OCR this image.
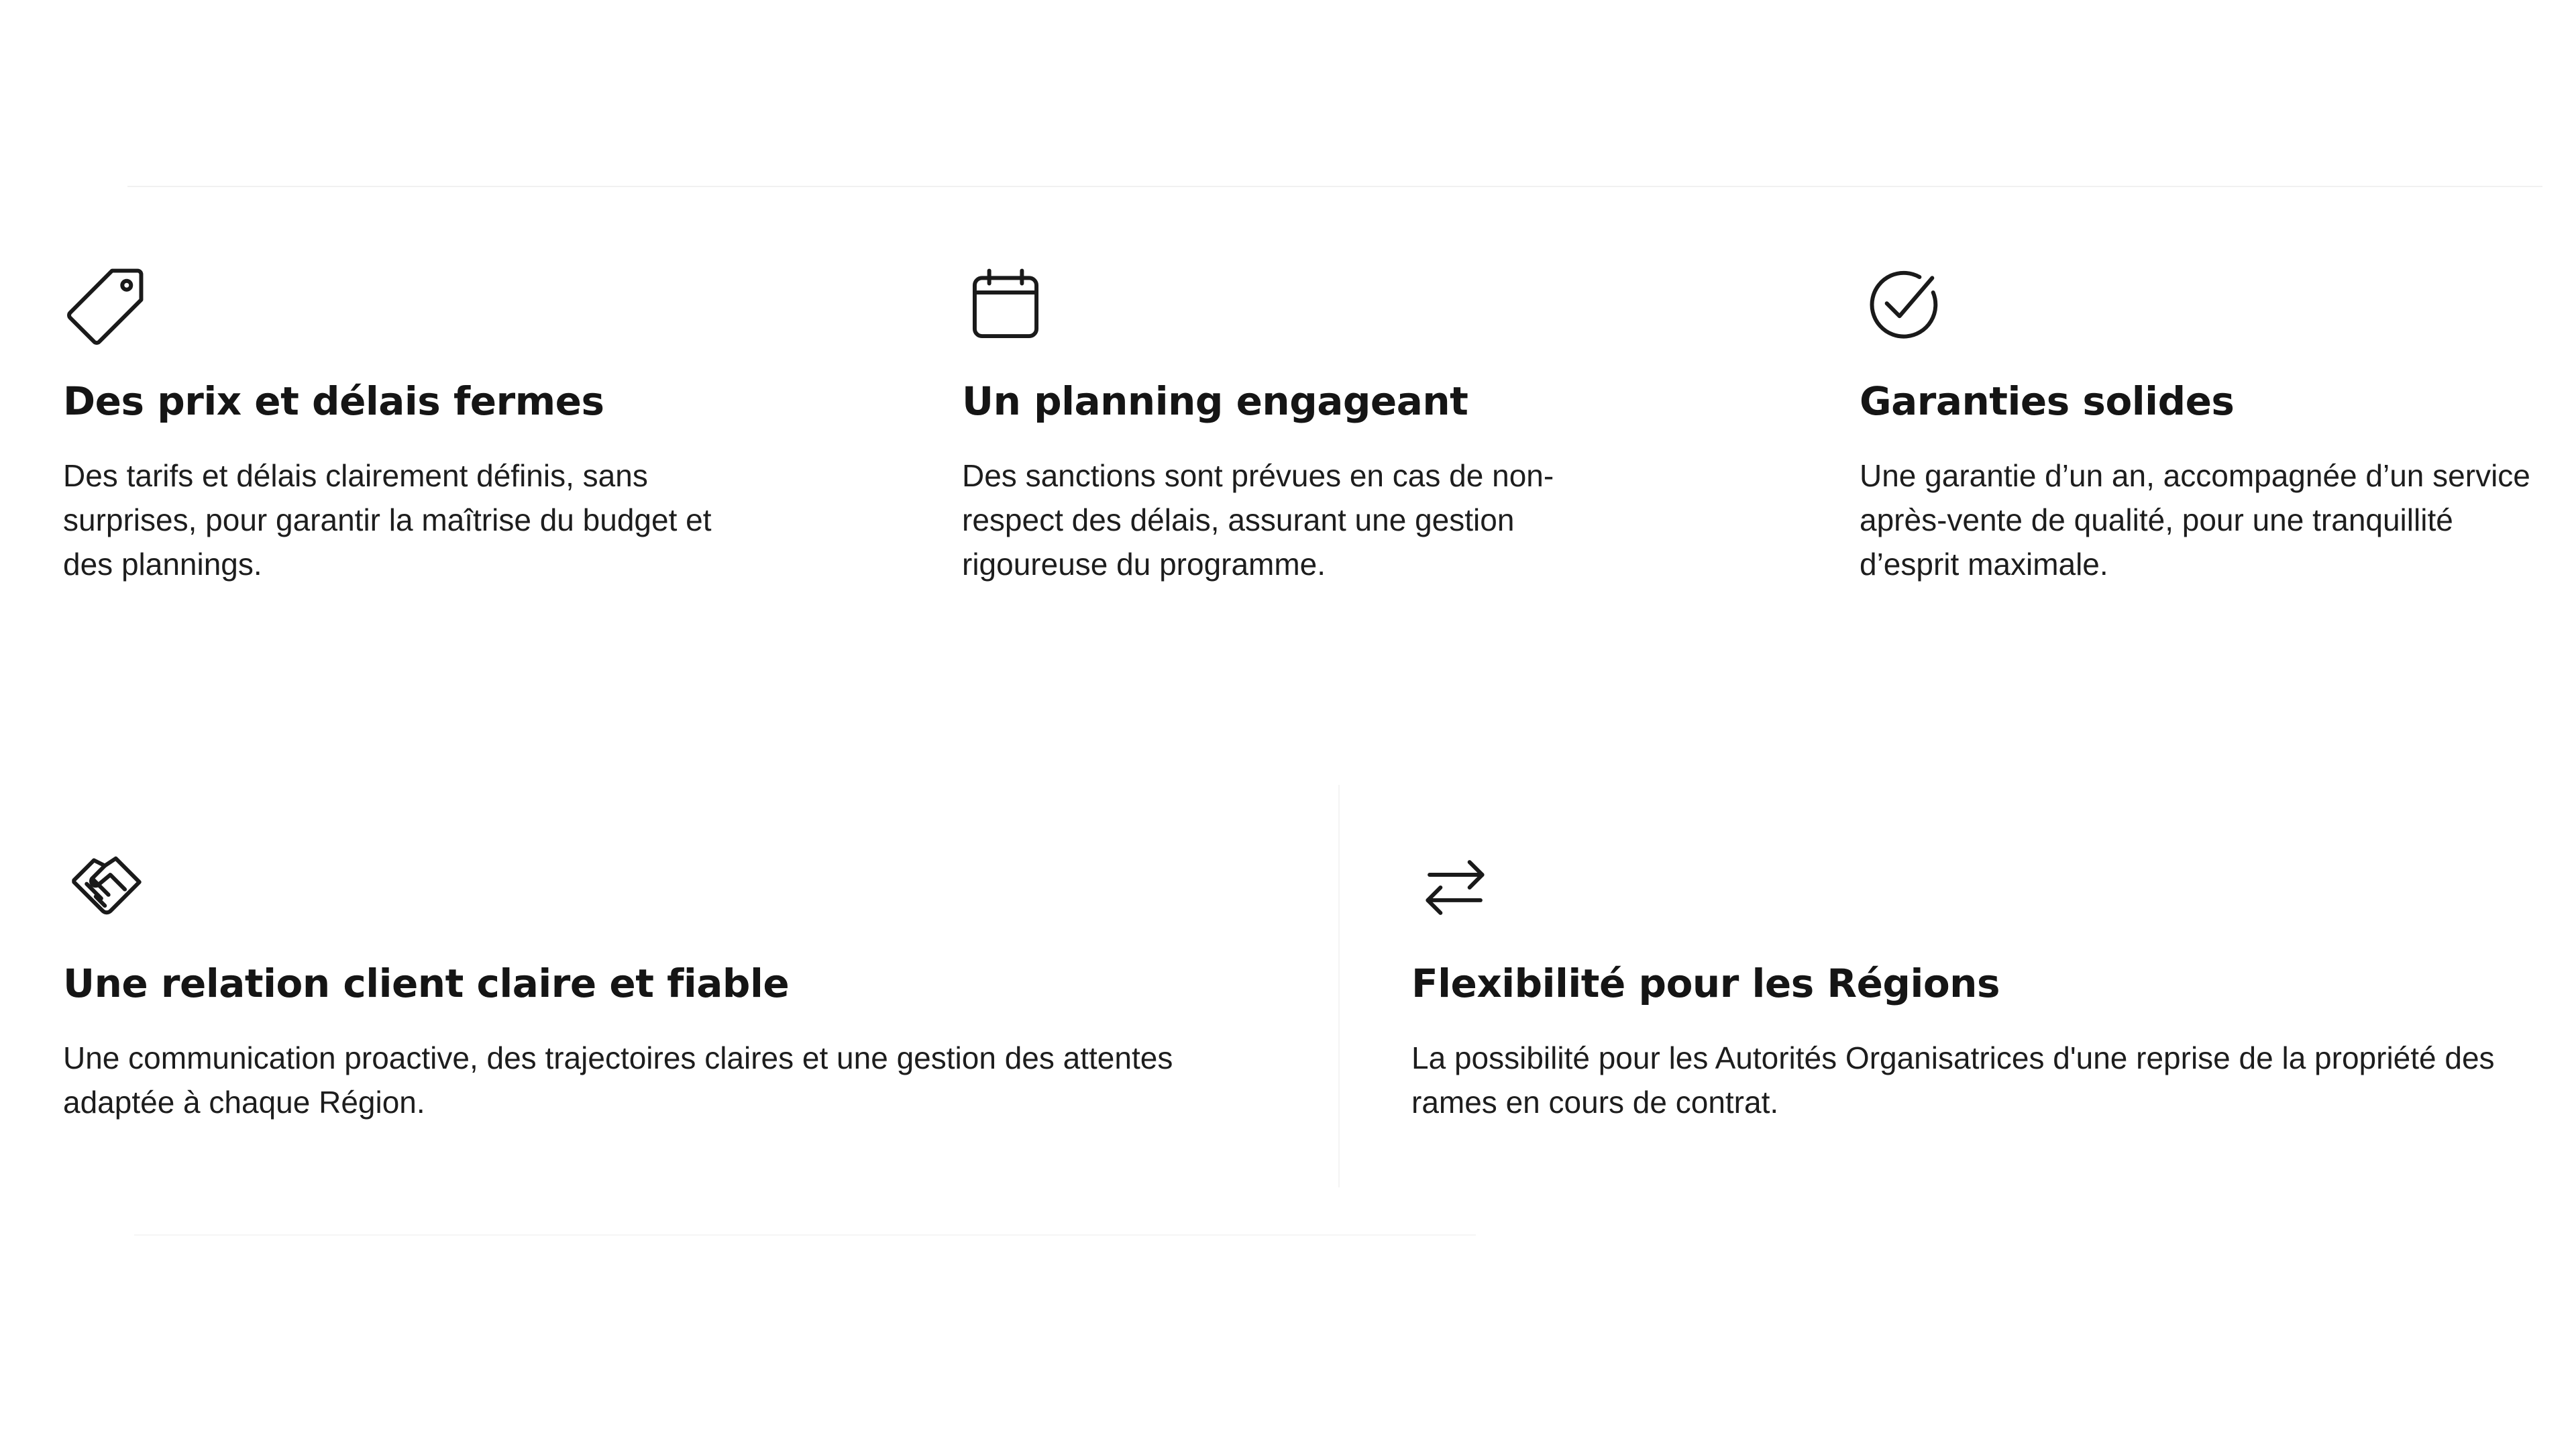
Des prix et délais fermes

Des tarifs et délais clairement définis, sans surprises, pour garantir la maîtrise du budget et des plannings.

Un planning engageant

Des sanctions sont prévues en cas de non-respect des délais, assurant une gestion rigoureuse du programme.

Garanties solides

Une garantie d’un an, accompagnée d’un service après-vente de qualité, pour une tranquillité d’esprit maximale.

Une relation client claire et fiable

Une communication proactive, des trajectoires claires et une gestion des attentes adaptée à chaque Région.

Flexibilité pour les Régions

La possibilité pour les Autorités Organisatrices d'une reprise de la propriété des rames en cours de contrat.
